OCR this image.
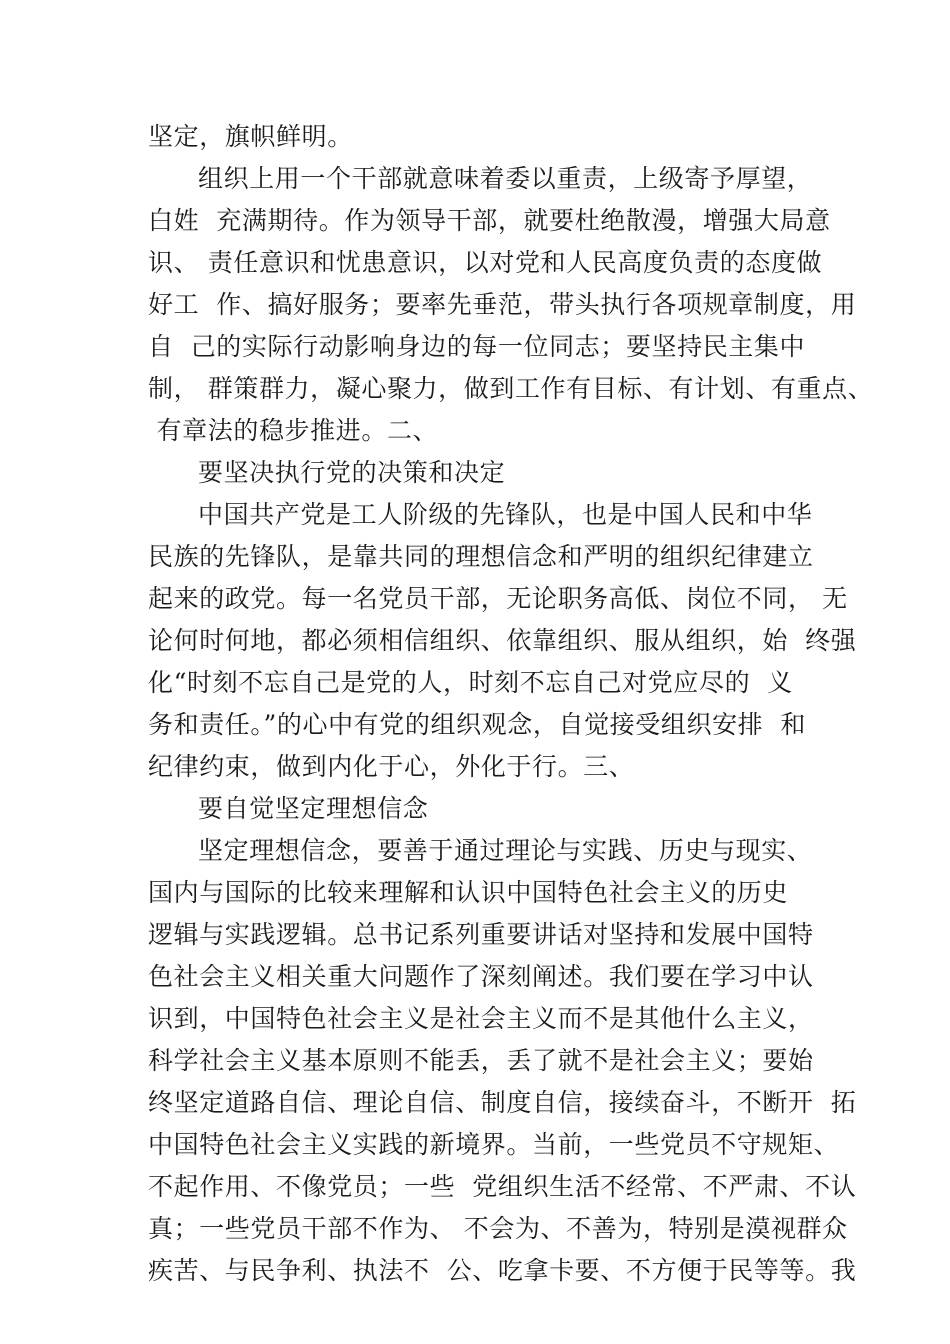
坚定，旗帜鲜明。
组织上用一个干部就意味着委以重责，上级寄予厚望，
白姓  充满期待。作为领导干部，就要杜绝散漫，增强大局意
识、 责任意识和忧患意识，以对党和人民高度负责的态度做
好工  作、搞好服务；要率先垂范，带头执行各项规章制度，用
自  己的实际行动影响身边的每一位同志；要坚持民主集中
制， 群策群力，凝心聚力，做到工作有目标、有计划、有重点、
有章法的稳步推进。二、
要坚决执行党的决策和决定
中国共产党是工人阶级的先锋队，也是中国人民和中华
民族的先锋队，是靠共同的理想信念和严明的组织纪律建立
起来的政党。每一名党员干部，无论职务高低、岗位不同， 无
论何时何地，都必须相信组织、依靠组织、服从组织，始  终强
化“时刻不忘自己是党的人，时刻不忘自己对党应尽的  义
务和责任。”的心中有党的组织观念，自觉接受组织安排  和
纪律约束，做到内化于心，外化于行。三、
要自觉坚定理想信念
坚定理想信念，要善于通过理论与实践、历史与现实、
国内与国际的比较来理解和认识中国特色社会主义的历史
逻辑与实践逻辑。总书记系列重要讲话对坚持和发展中国特
色社会主义相关重大问题作了深刻阐述。我们要在学习中认
识到，中国特色社会主义是社会主义而不是其他什么主义，
科学社会主义基本原则不能丢，丢了就不是社会主义；要始
终坚定道路自信、理论自信、制度自信，接续奋斗，不断开  拓
中国特色社会主义实践的新境界。当前，一些党员不守规矩、
不起作用、不像党员；一些  党组织生活不经常、不严肃、不认
真；一些党员干部不作为、 不会为、不善为，特别是漠视群众
疾苦、与民争利、执法不  公、吃拿卡要、不方便于民等等。我
